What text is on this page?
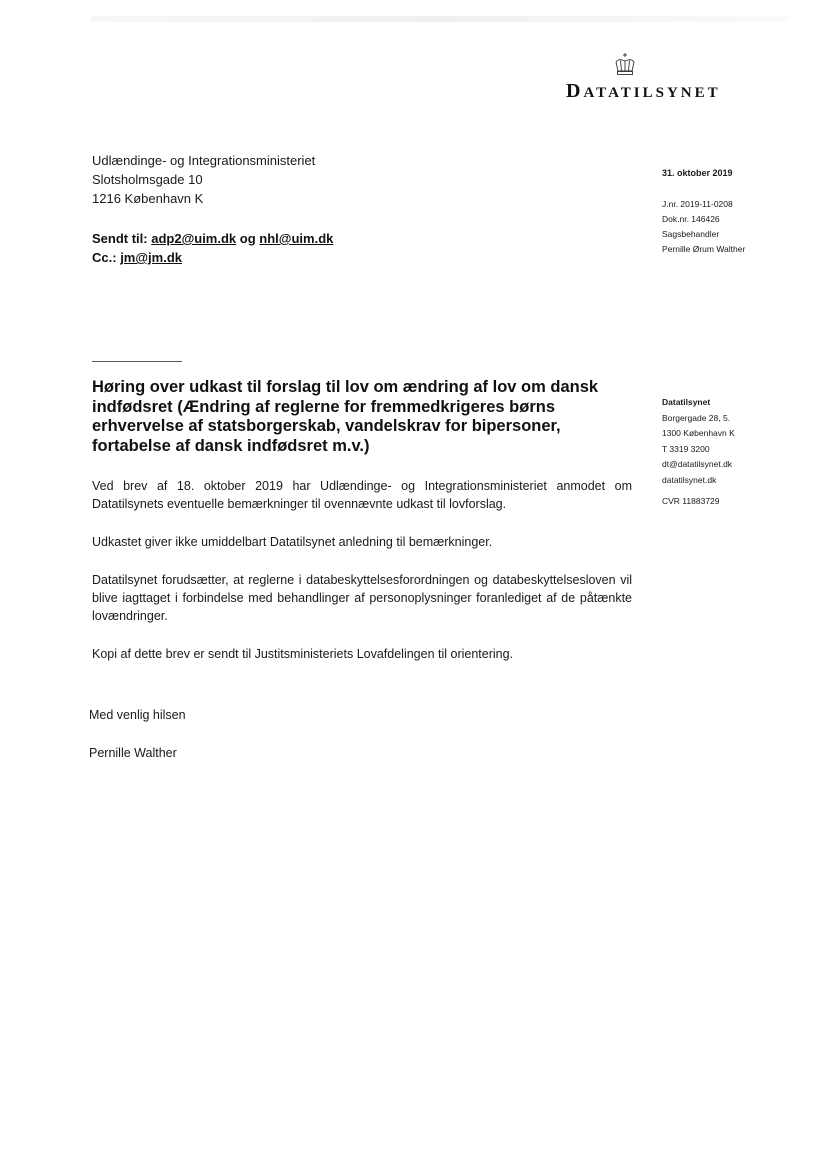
DATATILSYNET
Udlændinge- og Integrationsministeriet
Slotsholmsgade 10
1216 København K
Sendt til: adp2@uim.dk og nhl@uim.dk
Cc.: jm@jm.dk
31. oktober 2019
J.nr. 2019-11-0208
Dok.nr. 146426
Sagsbehandler
Pernille Ørum Walther
Høring over udkast til forslag til lov om ændring af lov om dansk indfødsret (Ændring af reglerne for fremmedkrigeres børns erhvervelse af statsborgerskab, vandelskrav for bipersoner, fortabelse af dansk indfødsret m.v.)
Datatilsynet
Borgergade 28, 5.
1300 København K
T 3319 3200
dt@datatilsynet.dk
datatilsynet.dk
CVR 11883729

Ved brev af 18. oktober 2019 har Udlændinge- og Integrationsministeriet anmodet om Datatilsynets eventuelle bemærkninger til ovennævnte udkast til lovforslag.

Udkastet giver ikke umiddelbart Datatilsynet anledning til bemærkninger.

Datatilsynet forudsætter, at reglerne i databeskyttelsesforordningen og databeskyttelsesloven vil blive iagttaget i forbindelse med behandlinger af personoplysninger foranlediget af de påtænkte lovændringer.

Kopi af dette brev er sendt til Justitsministeriets Lovafdelingen til orientering.

Med venlig hilsen
Pernille Walther
